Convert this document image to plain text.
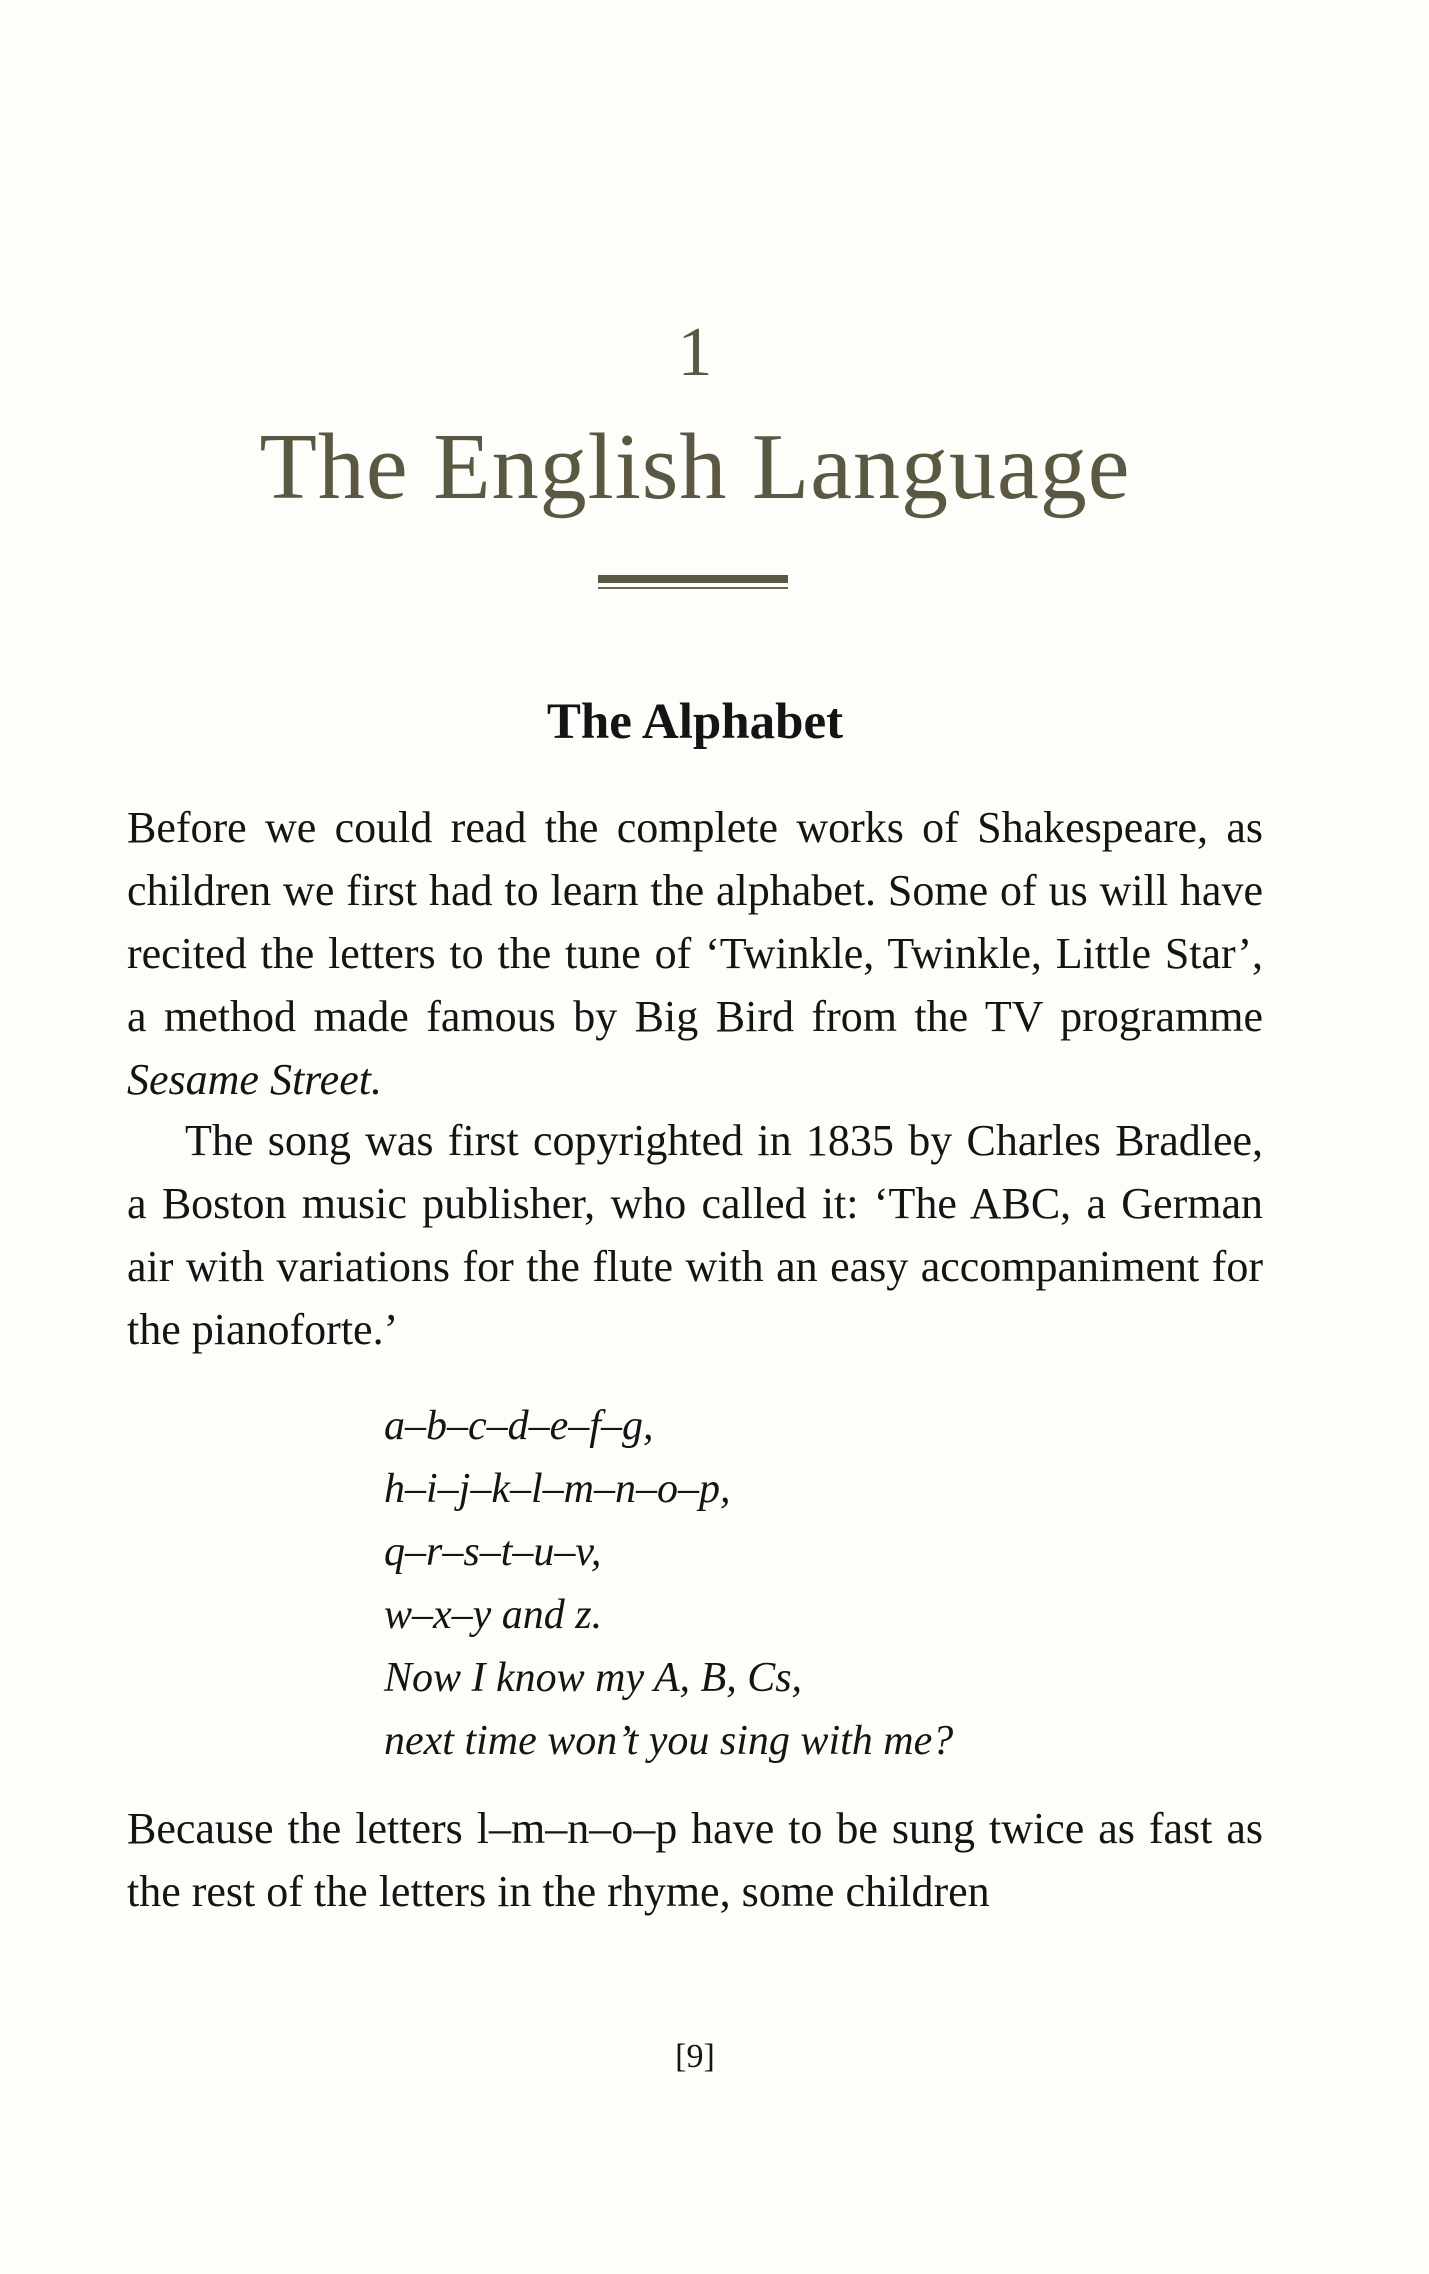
1
The English Language
The Alphabet

Before we could read the complete works of Shakespeare, as children we first had to learn the alphabet. Some of us will have recited the letters to the tune of ‘Twinkle, Twinkle, Little Star’, a method made famous by Big Bird from the TV programme Sesame Street.

The song was first copyrighted in 1835 by Charles Bradlee, a Boston music publisher, who called it: ‘The ABC, a German air with variations for the flute with an easy accompaniment for the pianoforte.’

a–b–c–d–e–f–g,
h–i–j–k–l–m–n–o–p,
q–r–s–t–u–v,
w–x–y and z.
Now I know my A, B, Cs,
next time won’t you sing with me?

Because the letters l–m–n–o–p have to be sung twice as fast as the rest of the letters in the rhyme, some children

[9]
